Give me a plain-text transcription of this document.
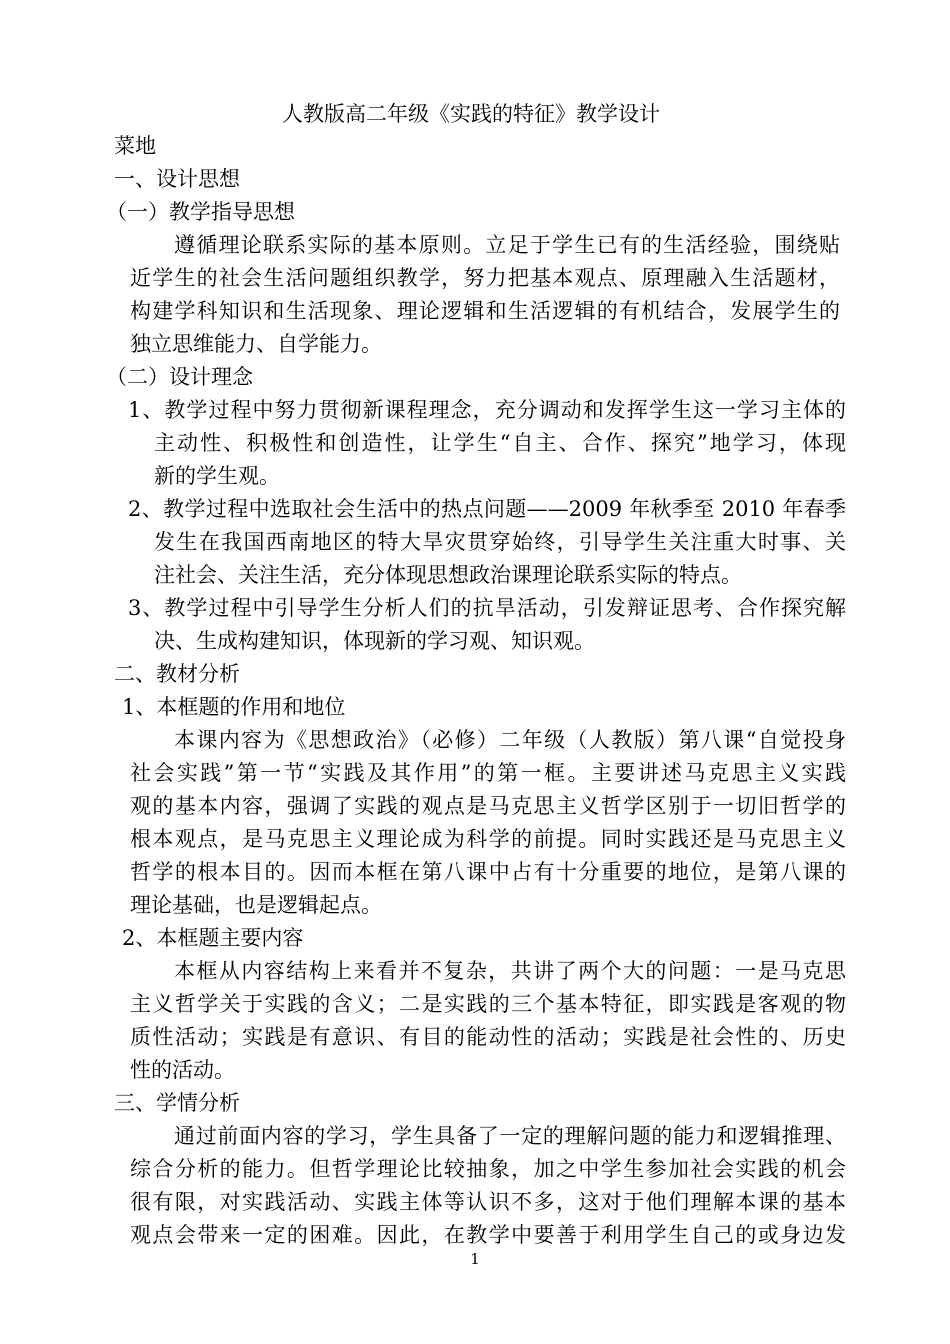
人教版高二年级《实践的特征》教学设计
菜地
一、设计思想
（一）教学指导思想
遵循理论联系实际的基本原则。立足于学生已有的生活经验，围绕贴
近学生的社会生活问题组织教学，努力把基本观点、原理融入生活题材，
构建学科知识和生活现象、理论逻辑和生活逻辑的有机结合，发展学生的
独立思维能力、自学能力。
（二）设计理念
1、教学过程中努力贯彻新课程理念，充分调动和发挥学生这一学习主体的
主动性、积极性和创造性，让学生“自主、合作、探究”地学习，体现
新的学生观。
2、教学过程中选取社会生活中的热点问题——2009 年秋季至 2010 年春季
发生在我国西南地区的特大旱灾贯穿始终，引导学生关注重大时事、关
注社会、关注生活，充分体现思想政治课理论联系实际的特点。
3、教学过程中引导学生分析人们的抗旱活动，引发辩证思考、合作探究解
决、生成构建知识，体现新的学习观、知识观。
二、教材分析
1、本框题的作用和地位
本课内容为《思想政治》（必修）二年级（人教版）第八课“自觉投身
社会实践”第一节“实践及其作用”的第一框。主要讲述马克思主义实践
观的基本内容，强调了实践的观点是马克思主义哲学区别于一切旧哲学的
根本观点，是马克思主义理论成为科学的前提。同时实践还是马克思主义
哲学的根本目的。因而本框在第八课中占有十分重要的地位，是第八课的
理论基础，也是逻辑起点。
2、本框题主要内容
本框从内容结构上来看并不复杂，共讲了两个大的问题：一是马克思
主义哲学关于实践的含义；二是实践的三个基本特征，即实践是客观的物
质性活动；实践是有意识、有目的能动性的活动；实践是社会性的、历史
性的活动。
三、学情分析
通过前面内容的学习，学生具备了一定的理解问题的能力和逻辑推理、
综合分析的能力。但哲学理论比较抽象，加之中学生参加社会实践的机会
很有限，对实践活动、实践主体等认识不多，这对于他们理解本课的基本
观点会带来一定的困难。因此，在教学中要善于利用学生自己的或身边发
1
